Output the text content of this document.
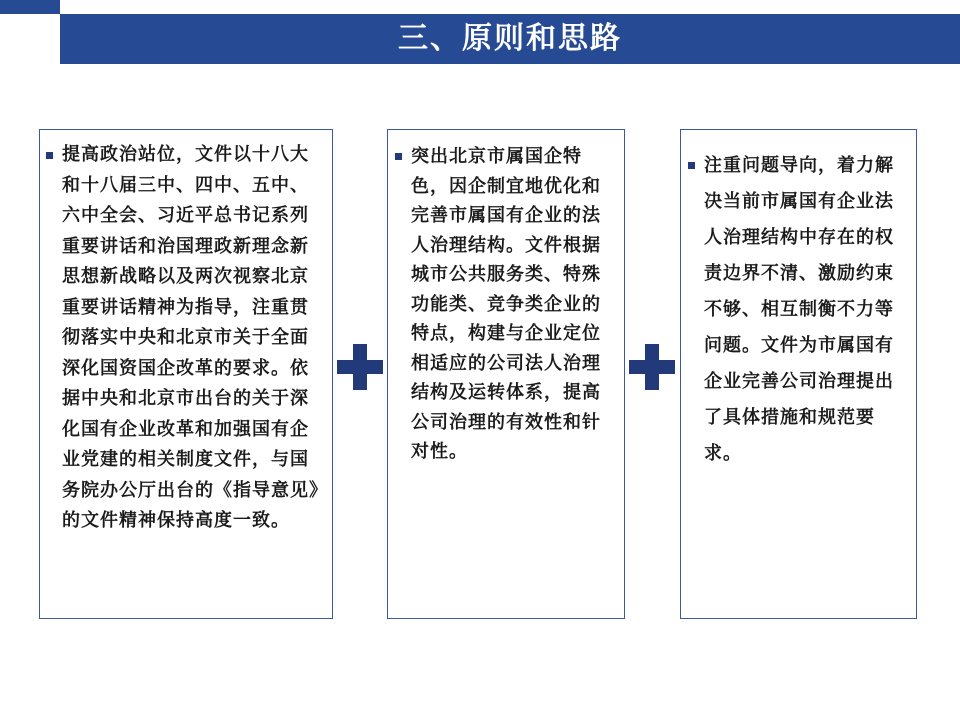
三、原则和思路
提高政治站位，文件以十八大和十八届三中、四中、五中、六中全会、习近平总书记系列重要讲话和治国理政新理念新思想新战略以及两次视察北京重要讲话精神为指导，注重贯彻落实中央和北京市关于全面深化国资国企改革的要求。依据中央和北京市出台的关于深化国有企业改革和加强国有企业党建的相关制度文件，与国务院办公厅出台的《指导意见》的文件精神保持高度一致。
突出北京市属国企特色，因企制宜地优化和完善市属国有企业的法人治理结构。文件根据城市公共服务类、特殊功能类、竞争类企业的特点，构建与企业定位相适应的公司法人治理结构及运转体系，提高公司治理的有效性和针对性。
注重问题导向，着力解决当前市属国有企业法人治理结构中存在的权责边界不清、激励约束不够、相互制衡不力等问题。文件为市属国有企业完善公司治理提出了具体措施和规范要求。
